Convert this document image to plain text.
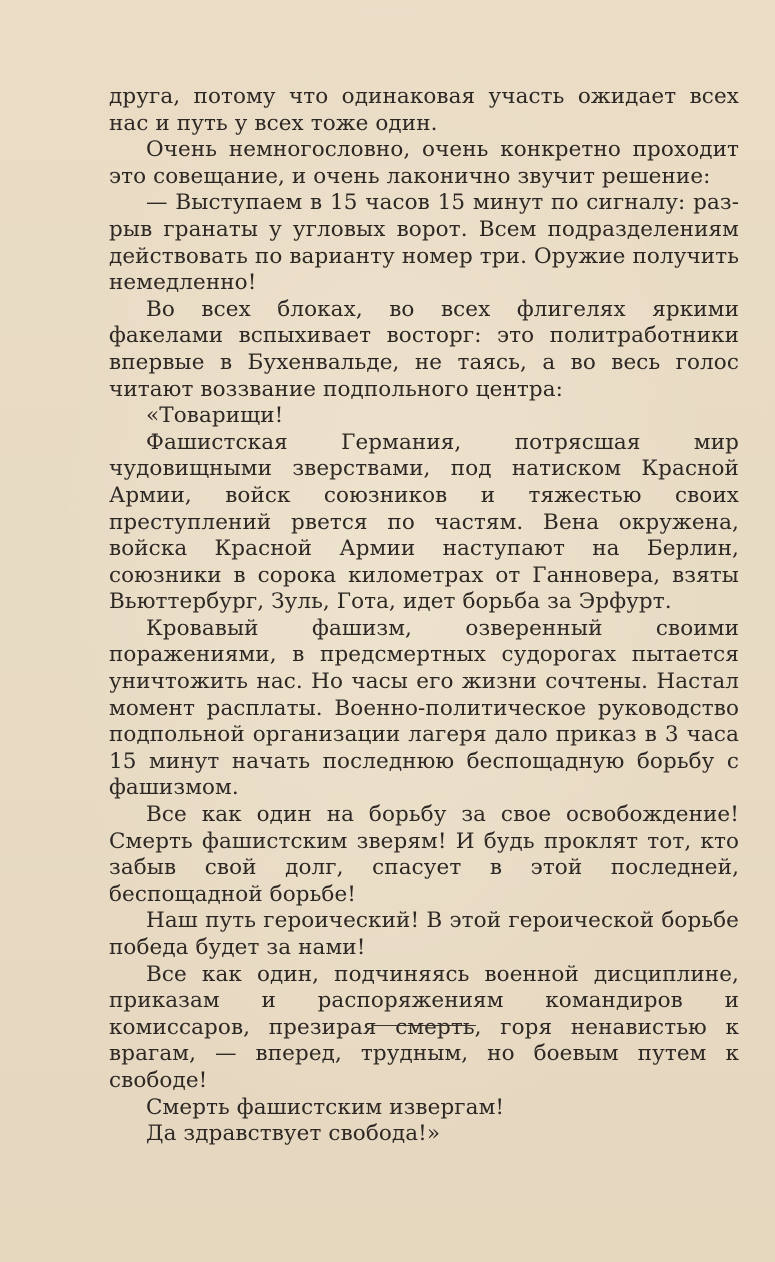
друга, потому что одинаковая участь ожидает всех нас и путь у всех тоже один.

Очень немногословно, очень конкретно проходит это совещание, и очень лаконично звучит решение:

— Выступаем в 15 часов 15 минут по сигналу: разрыв гранаты у угловых ворот. Всем подразделениям действовать по варианту номер три. Оружие получить немедленно!

Во всех блоках, во всех флигелях яркими факелами вспыхивает восторг: это политработники впервые в Бухенвальде, не таясь, а во весь голос читают воззвание подпольного центра:

«Товарищи!

Фашистская Германия, потрясшая мир чудовищными зверствами, под натиском Красной Армии, войск союзников и тяжестью своих преступлений рвется по частям. Вена окружена, войска Красной Армии наступают на Берлин, союзники в сорока километрах от Ганновера, взяты Вьюттербург, Зуль, Гота, идет борьба за Эрфурт.

Кровавый фашизм, озверенный своими поражениями, в предсмертных судорогах пытается уничтожить нас. Но часы его жизни сочтены. Настал момент расплаты. Военно-политическое руководство подпольной организации лагеря дало приказ в 3 часа 15 минут начать последнюю беспощадную борьбу с фашизмом.

Все как один на борьбу за свое освобождение! Смерть фашистским зверям! И будь проклят тот, кто забыв свой долг, спасует в этой последней, беспощадной борьбе!

Наш путь героический! В этой героической борьбе победа будет за нами!

Все как один, подчиняясь военной дисциплине, приказам и распоряжениям командиров и комиссаров, презирая смерть, горя ненавистью к врагам, — вперед, трудным, но боевым путем к свободе!

Смерть фашистским извергам!

Да здравствует свобода!»
